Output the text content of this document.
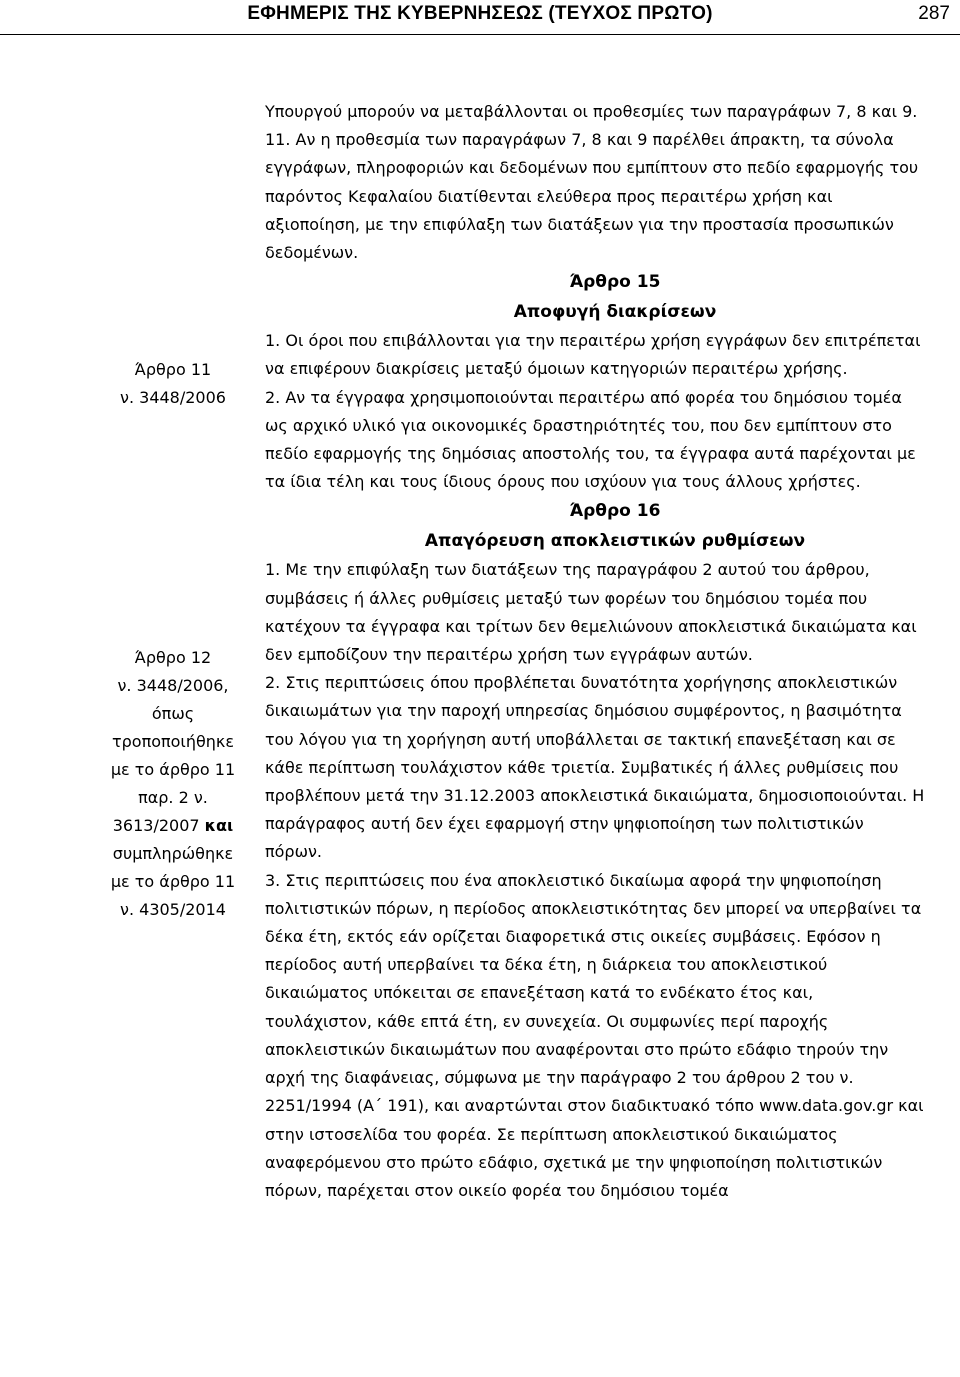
ΕΦΗΜΕΡΙΣ ΤΗΣ ΚΥΒΕΡΝΗΣΕΩΣ (ΤΕΥΧΟΣ ΠΡΩΤΟ)	287
Άρθρο 11
ν. 3448/2006
Άρθρο 12
ν. 3448/2006,
όπως
τροποποιήθηκε
με το άρθρο 11
παρ. 2 ν.
3613/2007 και
συμπληρώθηκε
με το άρθρο 11
ν. 4305/2014

Υπουργού μπορούν να μεταβάλλονται οι προθεσμίες των παραγράφων 7, 8 και 9.

11. Αν η προθεσμία των παραγράφων 7, 8 και 9 παρέλθει άπρακτη, τα σύνολα εγγράφων, πληροφοριών και δεδομένων που εμπίπτουν στο πεδίο εφαρμογής του παρόντος Κεφαλαίου διατίθενται ελεύθερα προς περαιτέρω χρήση και αξιοποίηση, με την επιφύλαξη των διατάξεων για την προστασία προσωπικών δεδομένων.

Άρθρο 15
Αποφυγή διακρίσεων

1. Οι όροι που επιβάλλονται για την περαιτέρω χρήση εγγράφων δεν επιτρέπεται να επιφέρουν διακρίσεις μεταξύ όμοιων κατηγοριών περαιτέρω χρήσης.

2. Αν τα έγγραφα χρησιμοποιούνται περαιτέρω από φορέα του δημόσιου τομέα ως αρχικό υλικό για οικονομικές δραστηριότητές του, που δεν εμπίπτουν στο πεδίο εφαρμογής της δημόσιας αποστολής του, τα έγγραφα αυτά παρέχονται με τα ίδια τέλη και τους ίδιους όρους που ισχύουν για τους άλλους χρήστες.

Άρθρο 16
Απαγόρευση αποκλειστικών ρυθμίσεων

1. Με την επιφύλαξη των διατάξεων της παραγράφου 2 αυτού του άρθρου, συμβάσεις ή άλλες ρυθμίσεις μεταξύ των φορέων του δημόσιου τομέα που κατέχουν τα έγγραφα και τρίτων δεν θεμελιώνουν αποκλειστικά δικαιώματα και δεν εμποδίζουν την περαιτέρω χρήση των εγγράφων αυτών.

2. Στις περιπτώσεις όπου προβλέπεται δυνατότητα χορήγησης αποκλειστικών δικαιωμάτων για την παροχή υπηρεσίας δημόσιου συμφέροντος, η βασιμότητα του λόγου για τη χορήγηση αυτή υποβάλλεται σε τακτική επανεξέταση και σε κάθε περίπτωση τουλάχιστον κάθε τριετία. Συμβατικές ή άλλες ρυθμίσεις που προβλέπουν μετά την 31.12.2003 αποκλειστικά δικαιώματα, δημοσιοποιούνται. Η παράγραφος αυτή δεν έχει εφαρμογή στην ψηφιοποίηση των πολιτιστικών πόρων.

3. Στις περιπτώσεις που ένα αποκλειστικό δικαίωμα αφορά την ψηφιοποίηση πολιτιστικών πόρων, η περίοδος αποκλειστικότητας δεν μπορεί να υπερβαίνει τα δέκα έτη, εκτός εάν ορίζεται διαφορετικά στις οικείες συμβάσεις. Εφόσον η περίοδος αυτή υπερβαίνει τα δέκα έτη, η διάρκεια του αποκλειστικού δικαιώματος υπόκειται σε επανεξέταση κατά το ενδέκατο έτος και, τουλάχιστον, κάθε επτά έτη, εν συνεχεία. Οι συμφωνίες περί παροχής αποκλειστικών δικαιωμάτων που αναφέρονται στο πρώτο εδάφιο τηρούν την αρχή της διαφάνειας, σύμφωνα με την παράγραφο 2 του άρθρου 2 του ν. 2251/1994 (Α΄ 191), και αναρτώνται στον διαδικτυακό τόπο www.data.gov.gr και στην ιστοσελίδα του φορέα. Σε περίπτωση αποκλειστικού δικαιώματος αναφερόμενου στο πρώτο εδάφιο, σχετικά με την ψηφιοποίηση πολιτιστικών πόρων, παρέχεται στον οικείο φορέα του δημόσιου τομέα
